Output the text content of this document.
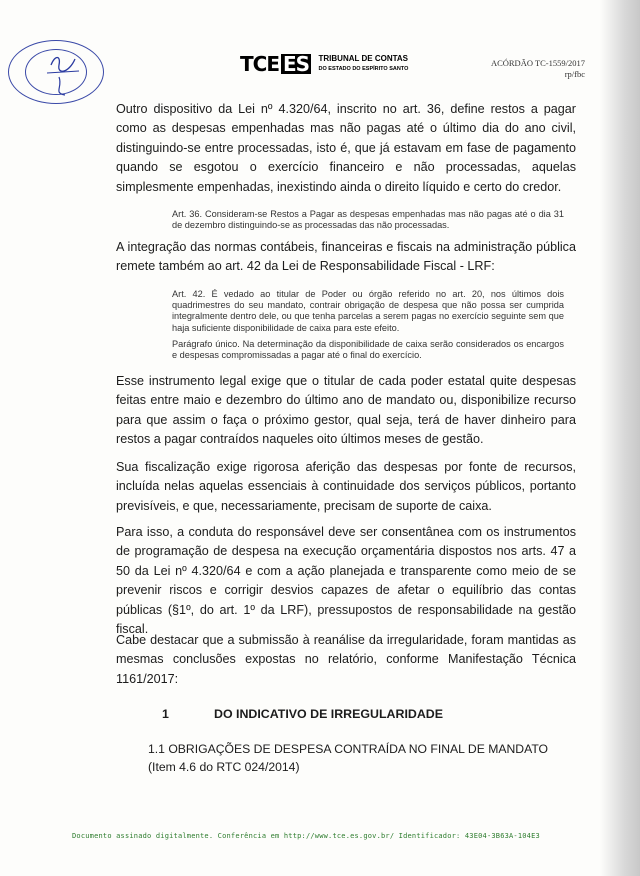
TCE ES TRIBUNAL DE CONTAS
DO ESTADO DO ESPÍRITO SANTO
ACÓRDÃO TC-1559/2017
rp/fbc

Outro dispositivo da Lei nº 4.320/64, inscrito no art. 36, define restos a pagar como as despesas empenhadas mas não pagas até o último dia do ano civil, distinguindo-se entre processadas, isto é, que já estavam em fase de pagamento quando se esgotou o exercício financeiro e não processadas, aquelas simplesmente empenhadas, inexistindo ainda o direito líquido e certo do credor.

Art. 36. Consideram-se Restos a Pagar as despesas empenhadas mas não pagas até o dia 31 de dezembro distinguindo-se as processadas das não processadas.

A integração das normas contábeis, financeiras e fiscais na administração pública remete também ao art. 42 da Lei de Responsabilidade Fiscal - LRF:

Art. 42. É vedado ao titular de Poder ou órgão referido no art. 20, nos últimos dois quadrimestres do seu mandato, contrair obrigação de despesa que não possa ser cumprida integralmente dentro dele, ou que tenha parcelas a serem pagas no exercício seguinte sem que haja suficiente disponibilidade de caixa para este efeito.

Parágrafo único. Na determinação da disponibilidade de caixa serão considerados os encargos e despesas compromissadas a pagar até o final do exercício.

Esse instrumento legal exige que o titular de cada poder estatal quite despesas feitas entre maio e dezembro do último ano de mandato ou, disponibilize recurso para que assim o faça o próximo gestor, qual seja, terá de haver dinheiro para restos a pagar contraídos naqueles oito últimos meses de gestão.

Sua fiscalização exige rigorosa aferição das despesas por fonte de recursos, incluída nelas aquelas essenciais à continuidade dos serviços públicos, portanto previsíveis, e que, necessariamente, precisam de suporte de caixa.

Para isso, a conduta do responsável deve ser consentânea com os instrumentos de programação de despesa na execução orçamentária dispostos nos arts. 47 a 50 da Lei nº 4.320/64 e com a ação planejada e transparente como meio de se prevenir riscos e corrigir desvios capazes de afetar o equilíbrio das contas públicas (§1º, do art. 1º da LRF), pressupostos de responsabilidade na gestão fiscal.

Cabe destacar que a submissão à reanálise da irregularidade, foram mantidas as mesmas conclusões expostas no relatório, conforme Manifestação Técnica 1161/2017:

1	DO INDICATIVO DE IRREGULARIDADE
1.1 OBRIGAÇÕES DE DESPESA CONTRAÍDA NO FINAL DE MANDATO (Item 4.6 do RTC 024/2014)
Documento assinado digitalmente. Conferência em http://www.tce.es.gov.br/ Identificador: 43E04-3B63A-104E3
